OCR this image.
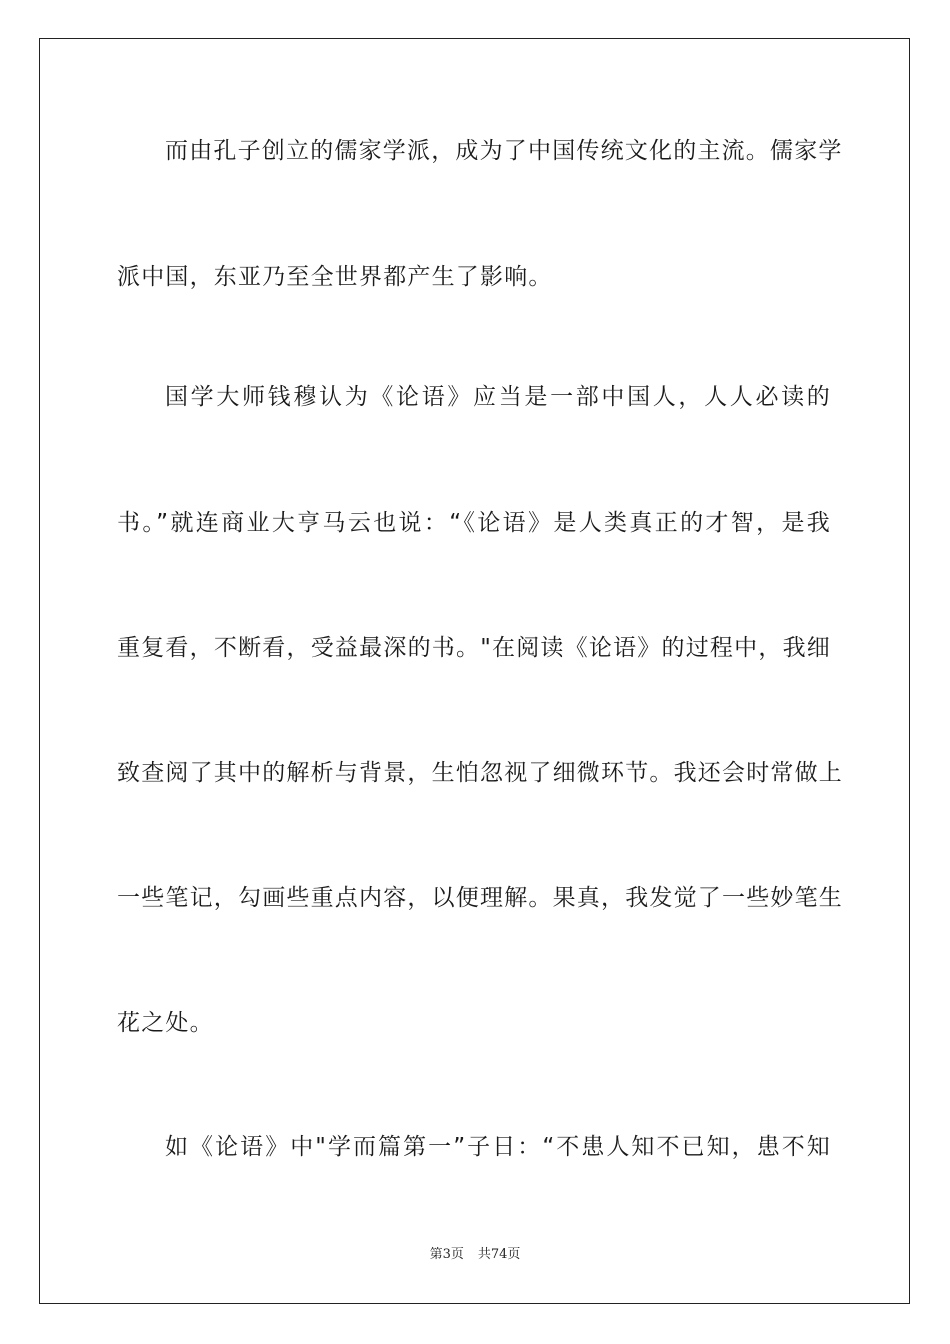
而由孔子创立的儒家学派，成为了中国传统文化的主流。儒家学
派中国，东亚乃至全世界都产生了影响。
国学大师钱穆认为《论语》应当是一部中国人，人人必读的
书。”就连商业大亨马云也说：“《论语》是人类真正的才智，是我
重复看，不断看，受益最深的书。"在阅读《论语》的过程中，我细
致查阅了其中的解析与背景，生怕忽视了细微环节。我还会时常做上
一些笔记，勾画些重点内容，以便理解。果真，我发觉了一些妙笔生
花之处。
如《论语》中"学而篇第一”子日：“不患人知不已知，患不知
第3页 共74页
